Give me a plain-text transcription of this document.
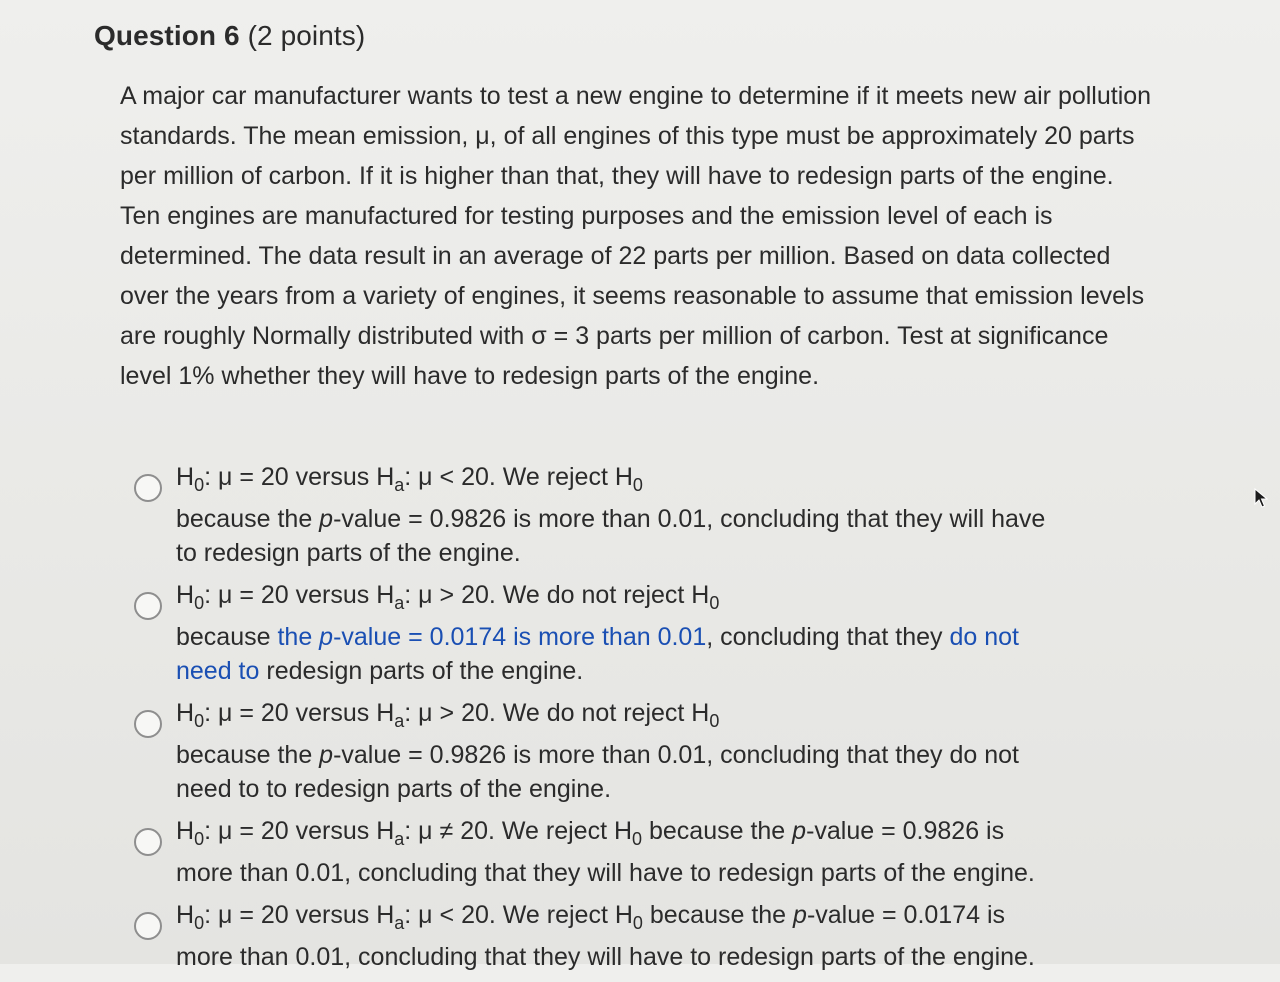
Question 6 (2 points)

A major car manufacturer wants to test a new engine to determine if it meets new air pollution standards. The mean emission, μ, of all engines of this type must be approximately 20 parts per million of carbon. If it is higher than that, they will have to redesign parts of the engine. Ten engines are manufactured for testing purposes and the emission level of each is determined. The data result in an average of 22 parts per million. Based on data collected over the years from a variety of engines, it seems reasonable to assume that emission levels are roughly Normally distributed with σ = 3 parts per million of carbon. Test at significance level 1% whether they will have to redesign parts of the engine.

$H_0$: μ = 20 versus $H_a$: μ < 20. We reject $H_0$
because the p-value = 0.9826 is more than 0.01, concluding that they will have
to redesign parts of the engine.
$H_0$: μ = 20 versus $H_a$: μ > 20. We do not reject $H_0$
because the p-value = 0.0174 is more than 0.01, concluding that they do not
need to redesign parts of the engine.
$H_0$: μ = 20 versus $H_a$: μ > 20. We do not reject $H_0$
because the p-value = 0.9826 is more than 0.01, concluding that they do not
need to to redesign parts of the engine.
$H_0$: μ = 20 versus $H_a$: μ ≠ 20. We reject $H_0$ because the p-value = 0.9826 is
more than 0.01, concluding that they will have to redesign parts of the engine.
$H_0$: μ = 20 versus $H_a$: μ < 20. We reject $H_0$ because the p-value = 0.0174 is
more than 0.01, concluding that they will have to redesign parts of the engine.
